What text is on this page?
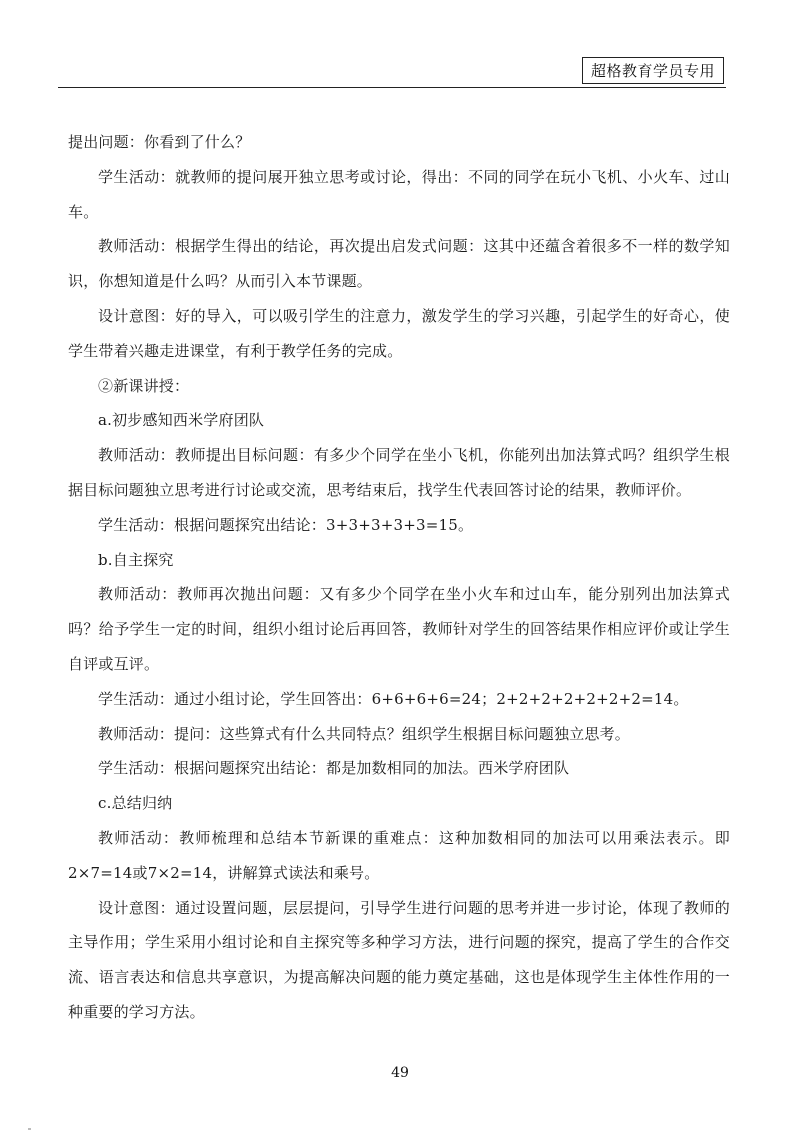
超格教育学员专用

提出问题：你看到了什么？

学生活动：就教师的提问展开独立思考或讨论，得出：不同的同学在玩小飞机、小火车、过山车。

教师活动：根据学生得出的结论，再次提出启发式问题：这其中还蕴含着很多不一样的数学知识，你想知道是什么吗？从而引入本节课题。

设计意图：好的导入，可以吸引学生的注意力，激发学生的学习兴趣，引起学生的好奇心，使学生带着兴趣走进课堂，有利于教学任务的完成。

②新课讲授：

a.初步感知西米学府团队

教师活动：教师提出目标问题：有多少个同学在坐小飞机，你能列出加法算式吗？组织学生根据目标问题独立思考进行讨论或交流，思考结束后，找学生代表回答讨论的结果，教师评价。

学生活动：根据问题探究出结论：3+3+3+3+3=15。

b.自主探究

教师活动：教师再次抛出问题：又有多少个同学在坐小火车和过山车，能分别列出加法算式吗？给予学生一定的时间，组织小组讨论后再回答，教师针对学生的回答结果作相应评价或让学生自评或互评。

学生活动：通过小组讨论，学生回答出：6+6+6+6=24；2+2+2+2+2+2+2=14。

教师活动：提问：这些算式有什么共同特点？组织学生根据目标问题独立思考。

学生活动：根据问题探究出结论：都是加数相同的加法。西米学府团队

c.总结归纳

教师活动：教师梳理和总结本节新课的重难点：这种加数相同的加法可以用乘法表示。即2×7=14或7×2=14，讲解算式读法和乘号。

设计意图：通过设置问题，层层提问，引导学生进行问题的思考并进一步讨论，体现了教师的主导作用；学生采用小组讨论和自主探究等多种学习方法，进行问题的探究，提高了学生的合作交流、语言表达和信息共享意识，为提高解决问题的能力奠定基础，这也是体现学生主体性作用的一种重要的学习方法。

49
